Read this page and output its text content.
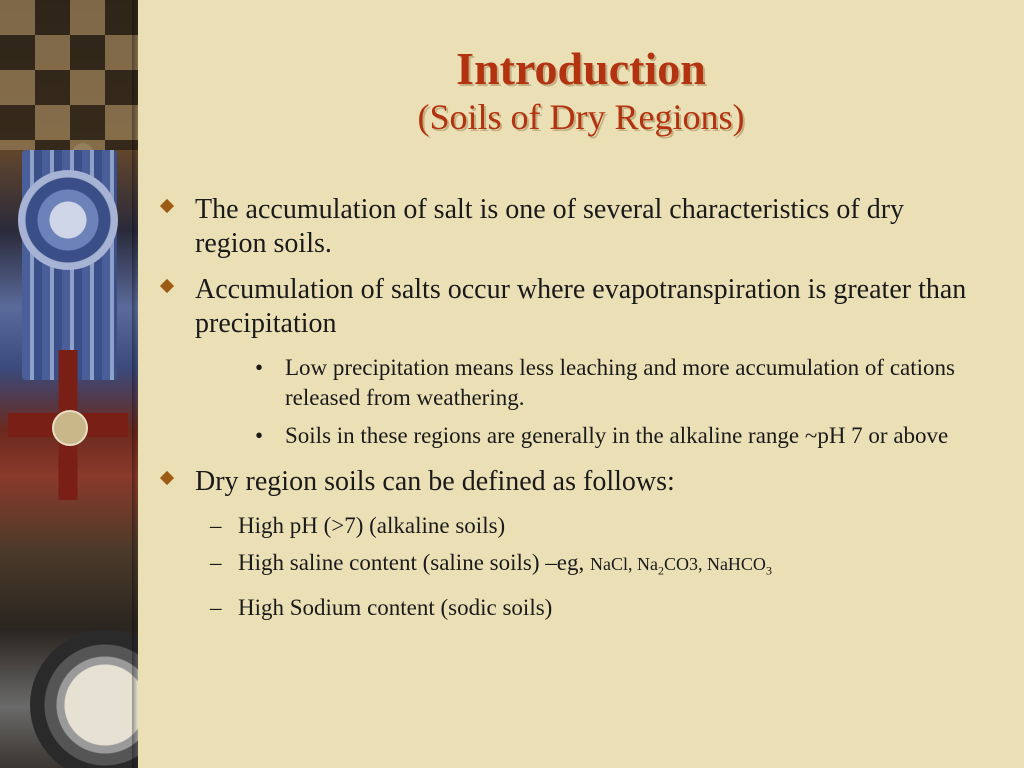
Introduction
(Soils of Dry Regions)
The accumulation of salt is one of several characteristics of dry region soils.
Accumulation of salts occur where evapotranspiration is greater than precipitation
• Low precipitation means less leaching and more accumulation of cations released from weathering.
• Soils in these regions are generally in the alkaline range ~pH 7 or above
Dry region soils can be defined as follows:
– High pH (>7) (alkaline soils)
– High saline content (saline soils) –eg, NaCl, $Na_2CO3$, NaHCO$_3$
– High Sodium content (sodic soils)
